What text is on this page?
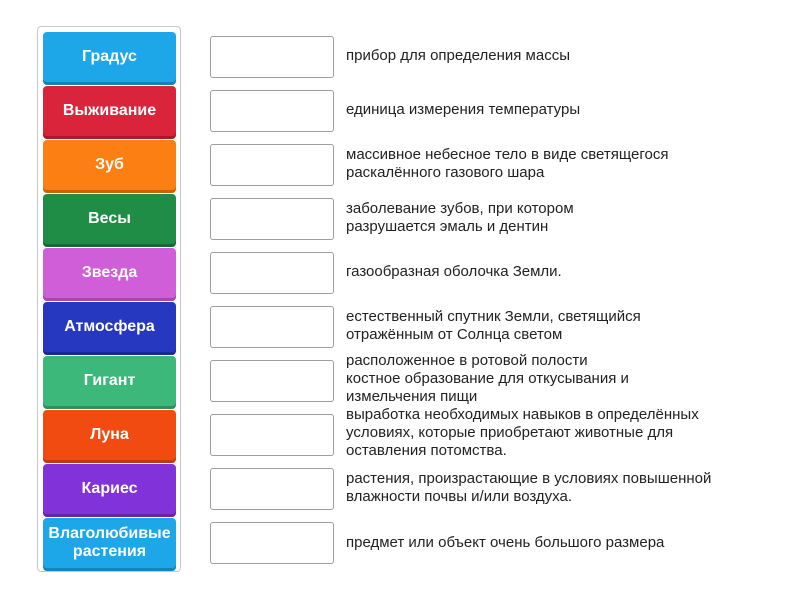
Градус
Выживание
Зуб
Весы
Звезда
Атмосфера
Гигант
Луна
Кариес
Влаголюбивые растения
прибор для определения массы
единица измерения температуры
массивное небесное тело в виде светящегося раскалённого газового шара
заболевание зубов, при котором разрушается эмаль и дентин
газообразная оболочка Земли.
естественный спутник Земли, светящийся отражённым от Солнца светом
расположенное в ротовой полости костное образование для откусывания и измельчения пищи
выработка необходимых навыков в определённых условиях, которые приобретают животные для оставления потомства.
растения, произрастающие в условиях повышенной влажности почвы и/или воздуха.
предмет или объект очень большого размера
